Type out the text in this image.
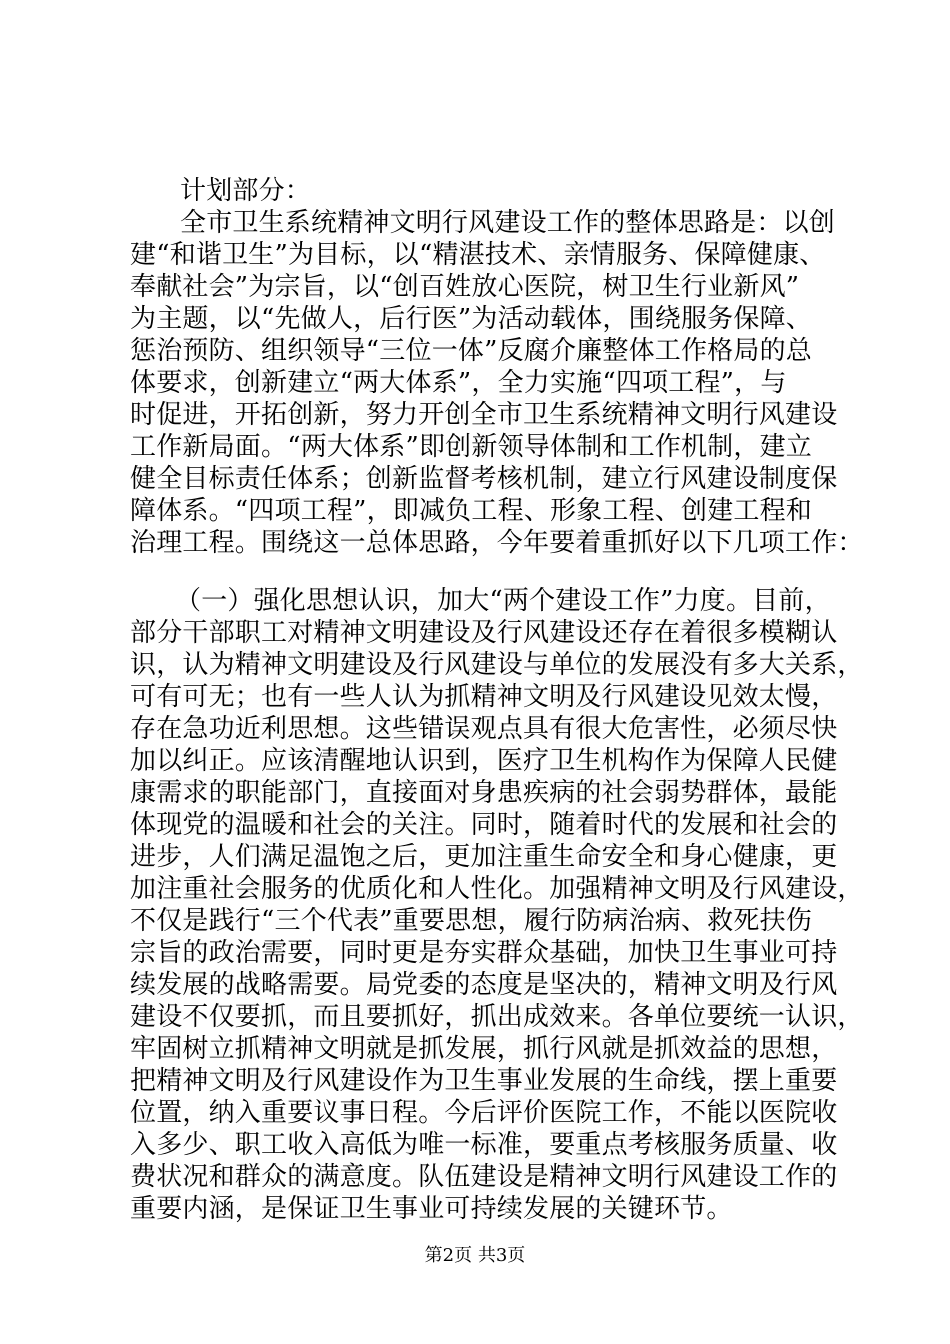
计划部分：
全市卫生系统精神文明行风建设工作的整体思路是：以创
建“和谐卫生”为目标，以“精湛技术、亲情服务、保障健康、
奉献社会”为宗旨，以“创百姓放心医院，树卫生行业新风”
为主题，以“先做人，后行医”为活动载体，围绕服务保障、
惩治预防、组织领导“三位一体”反腐介廉整体工作格局的总
体要求，创新建立“两大体系”，全力实施“四项工程”，与
时促进，开拓创新，努力开创全市卫生系统精神文明行风建设
工作新局面。“两大体系”即创新领导体制和工作机制，建立
健全目标责任体系；创新监督考核机制，建立行风建设制度保
障体系。“四项工程”，即减负工程、形象工程、创建工程和
治理工程。围绕这一总体思路，今年要着重抓好以下几项工作：
（一）强化思想认识，加大“两个建设工作”力度。目前，
部分干部职工对精神文明建设及行风建设还存在着很多模糊认
识，认为精神文明建设及行风建设与单位的发展没有多大关系，
可有可无；也有一些人认为抓精神文明及行风建设见效太慢，
存在急功近利思想。这些错误观点具有很大危害性，必须尽快
加以纠正。应该清醒地认识到，医疗卫生机构作为保障人民健
康需求的职能部门，直接面对身患疾病的社会弱势群体，最能
体现党的温暖和社会的关注。同时，随着时代的发展和社会的
进步，人们满足温饱之后，更加注重生命安全和身心健康，更
加注重社会服务的优质化和人性化。加强精神文明及行风建设，
不仅是践行“三个代表”重要思想，履行防病治病、救死扶伤
宗旨的政治需要，同时更是夯实群众基础，加快卫生事业可持
续发展的战略需要。局党委的态度是坚决的，精神文明及行风
建设不仅要抓，而且要抓好，抓出成效来。各单位要统一认识，
牢固树立抓精神文明就是抓发展，抓行风就是抓效益的思想，
把精神文明及行风建设作为卫生事业发展的生命线，摆上重要
位置，纳入重要议事日程。今后评价医院工作，不能以医院收
入多少、职工收入高低为唯一标准，要重点考核服务质量、收
费状况和群众的满意度。队伍建设是精神文明行风建设工作的
重要内涵，是保证卫生事业可持续发展的关键环节。
第2页 共3页
